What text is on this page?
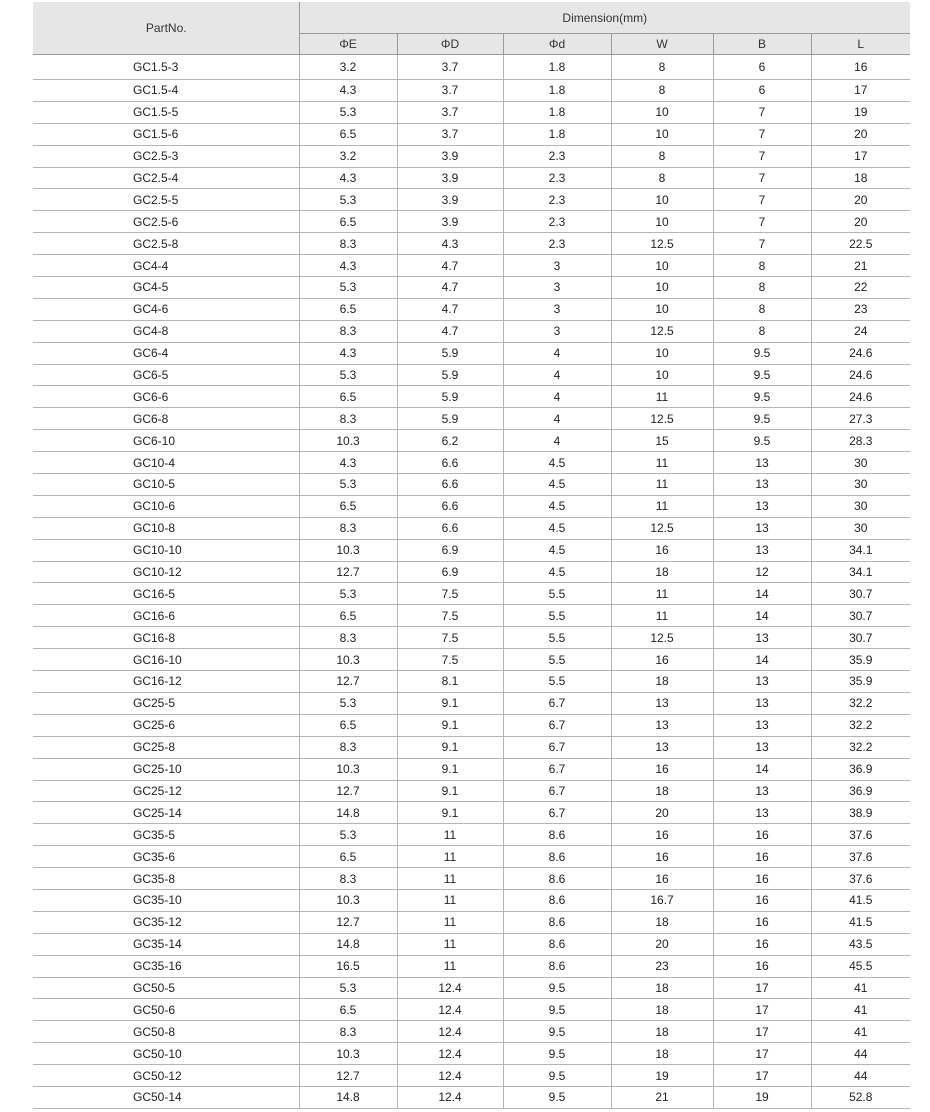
PartNo.	Dimension(mm)					
	ΦE	ΦD	Φd	W	B	L
GC1.5-3	3.2	3.7	1.8	8	6	16
GC1.5-4	4.3	3.7	1.8	8	6	17
GC1.5-5	5.3	3.7	1.8	10	7	19
GC1.5-6	6.5	3.7	1.8	10	7	20
GC2.5-3	3.2	3.9	2.3	8	7	17
GC2.5-4	4.3	3.9	2.3	8	7	18
GC2.5-5	5.3	3.9	2.3	10	7	20
GC2.5-6	6.5	3.9	2.3	10	7	20
GC2.5-8	8.3	4.3	2.3	12.5	7	22.5
GC4-4	4.3	4.7	3	10	8	21
GC4-5	5.3	4.7	3	10	8	22
GC4-6	6.5	4.7	3	10	8	23
GC4-8	8.3	4.7	3	12.5	8	24
GC6-4	4.3	5.9	4	10	9.5	24.6
GC6-5	5.3	5.9	4	10	9.5	24.6
GC6-6	6.5	5.9	4	11	9.5	24.6
GC6-8	8.3	5.9	4	12.5	9.5	27.3
GC6-10	10.3	6.2	4	15	9.5	28.3
GC10-4	4.3	6.6	4.5	11	13	30
GC10-5	5.3	6.6	4.5	11	13	30
GC10-6	6.5	6.6	4.5	11	13	30
GC10-8	8.3	6.6	4.5	12.5	13	30
GC10-10	10.3	6.9	4.5	16	13	34.1
GC10-12	12.7	6.9	4.5	18	12	34.1
GC16-5	5.3	7.5	5.5	11	14	30.7
GC16-6	6.5	7.5	5.5	11	14	30.7
GC16-8	8.3	7.5	5.5	12.5	13	30.7
GC16-10	10.3	7.5	5.5	16	14	35.9
GC16-12	12.7	8.1	5.5	18	13	35.9
GC25-5	5.3	9.1	6.7	13	13	32.2
GC25-6	6.5	9.1	6.7	13	13	32.2
GC25-8	8.3	9.1	6.7	13	13	32.2
GC25-10	10.3	9.1	6.7	16	14	36.9
GC25-12	12.7	9.1	6.7	18	13	36.9
GC25-14	14.8	9.1	6.7	20	13	38.9
GC35-5	5.3	11	8.6	16	16	37.6
GC35-6	6.5	11	8.6	16	16	37.6
GC35-8	8.3	11	8.6	16	16	37.6
GC35-10	10.3	11	8.6	16.7	16	41.5
GC35-12	12.7	11	8.6	18	16	41.5
GC35-14	14.8	11	8.6	20	16	43.5
GC35-16	16.5	11	8.6	23	16	45.5
GC50-5	5.3	12.4	9.5	18	17	41
GC50-6	6.5	12.4	9.5	18	17	41
GC50-8	8.3	12.4	9.5	18	17	41
GC50-10	10.3	12.4	9.5	18	17	44
GC50-12	12.7	12.4	9.5	19	17	44
GC50-14	14.8	12.4	9.5	21	19	52.8
